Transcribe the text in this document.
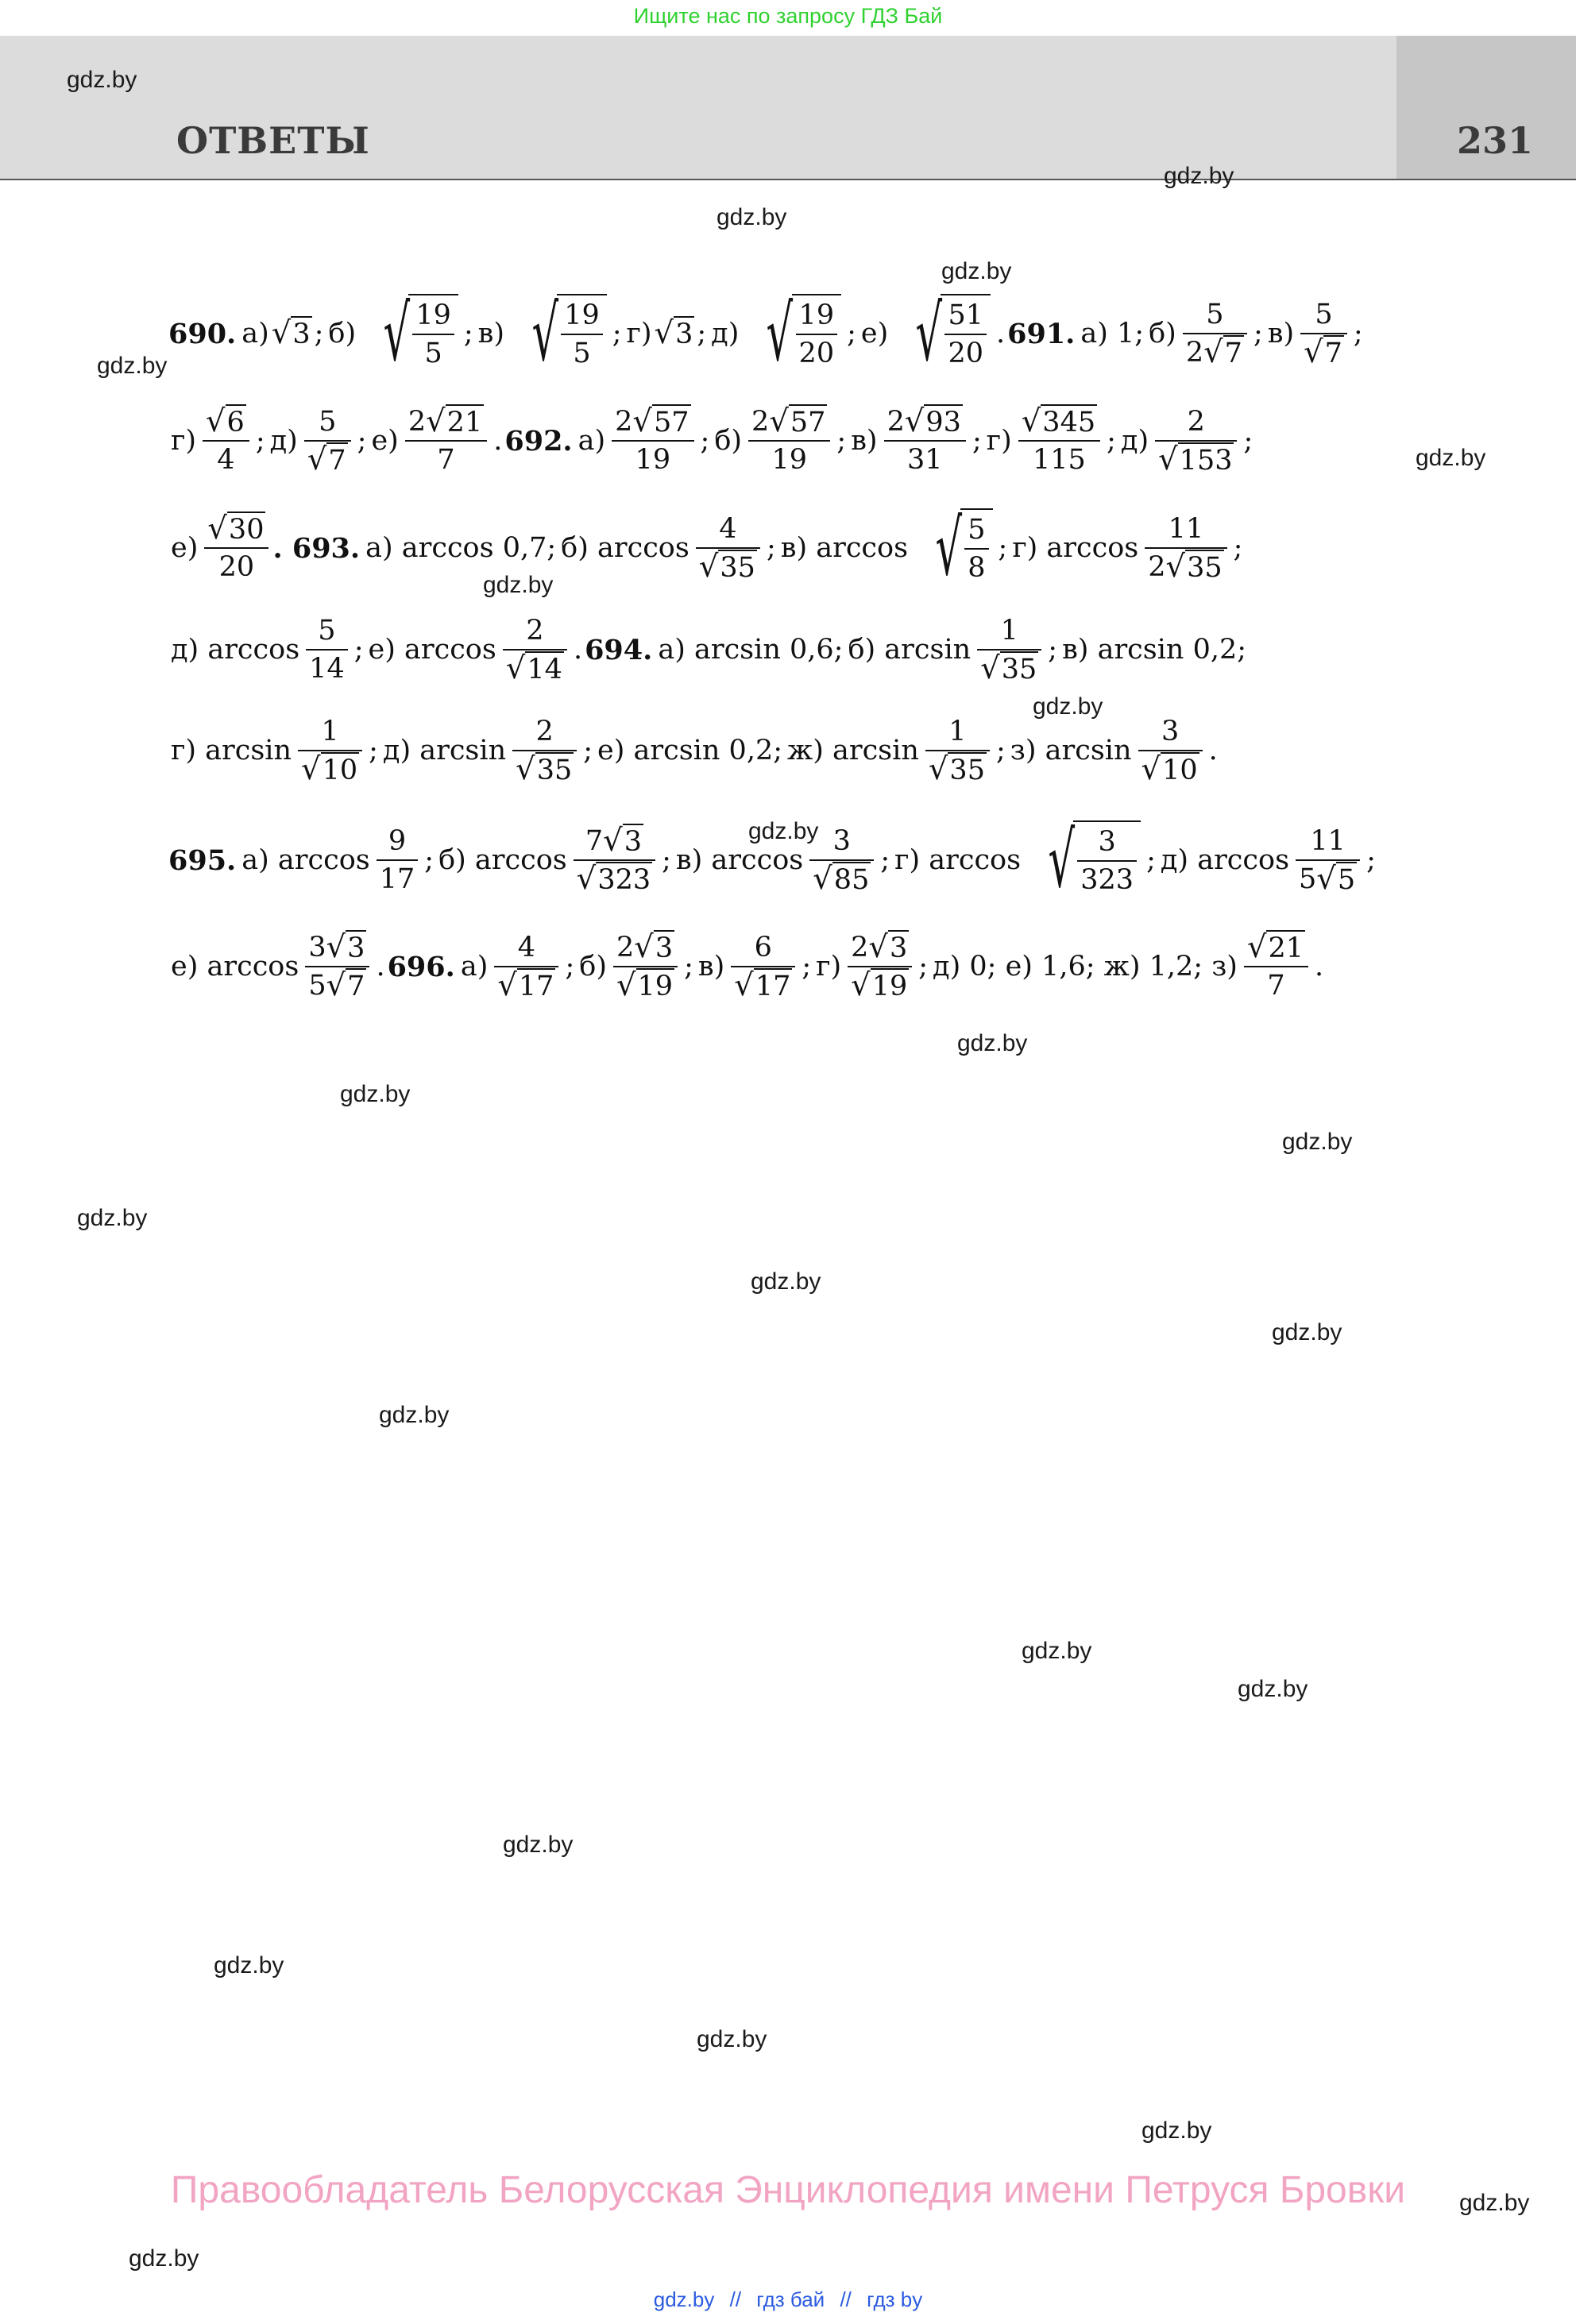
Ищите нас по запросу ГДЗ Бай
ОТВЕТЫ	231
gdz.by
gdz.by
gdz.by
gdz.by
gdz.by
gdz.by
gdz.by
gdz.by
gdz.by
gdz.by
gdz.by
gdz.by
gdz.by
gdz.by
gdz.by
gdz.by
gdz.by
gdz.by
gdz.by
gdz.by
gdz.by
gdz.by
gdz.by
gdz.by
690. а) √ 3 ; б) √ $\frac{19}{5}$ ; в) √ $\frac{19}{5}$ ; г) √ 3 ; д) √ $\frac{19}{20}$ ; е) √ $\frac{51}{20}$ . 691. а) 1; $б) \frac{5}{2 √ 7}$ ; $в) \frac{5}{√ 7}$ ;
$г) \frac{√ 6}{4}$ ; $д) \frac{5}{√ 7}$ ; $е) \frac{2 √ 21}{7}$ . 692. $а) \frac{2 √ 57}{19}$ ; $б) \frac{2 √ 57}{19}$ ; $в) \frac{2 √ 93}{31}$ ; $г) \frac{√ 345}{115}$ ; $д) \frac{2}{√ 153}$ ;
$е) \frac{√ 30}{20}$ . 693. а) arccos 0,7; б) $\arccos \frac{4}{√ 35}$ ; в) arccos √ $\frac{5}{8}$ ; г) $\arccos \frac{11}{2 √ 35}$ ;
д) $\arccos \frac{5}{14}$ ; е) $\arccos \frac{2}{√ 14}$ . 694. а) arcsin 0,6; б) $\arcsin \frac{1}{√ 35}$ ; в) arcsin 0,2;
г) $\arcsin \frac{1}{√ 10}$ ; д) $\arcsin \frac{2}{√ 35}$ ; е) arcsin 0,2; ж) $\arcsin \frac{1}{√ 35}$ ; з) $\arcsin \frac{3}{√ 10}$ .
695. а) $\arccos \frac{9}{17}$ ; б) $\arccos \frac{7 √ 3}{√ 323}$ ; в) $\arccos \frac{3}{√ 85}$ ; г) arccos √ $\frac{3}{323}$ ; д) $\arccos \frac{11}{5 √ 5}$ ;
е) $\arccos \frac{3 √ 3}{5 √ 7}$ . 696. $а) \frac{4}{√ 17}$ ; $б) \frac{2 √ 3}{√ 19}$ ; $в) \frac{6}{√ 17}$ ; $г) \frac{2 √ 3}{√ 19}$ ; д) 0; е) 1,6; ж) 1,2; $з) \frac{√ 21}{7}$ .
Правообладатель Белорусская Энциклопедия имени Петруся Бровки
gdz.by // гдз бай // гдз by
